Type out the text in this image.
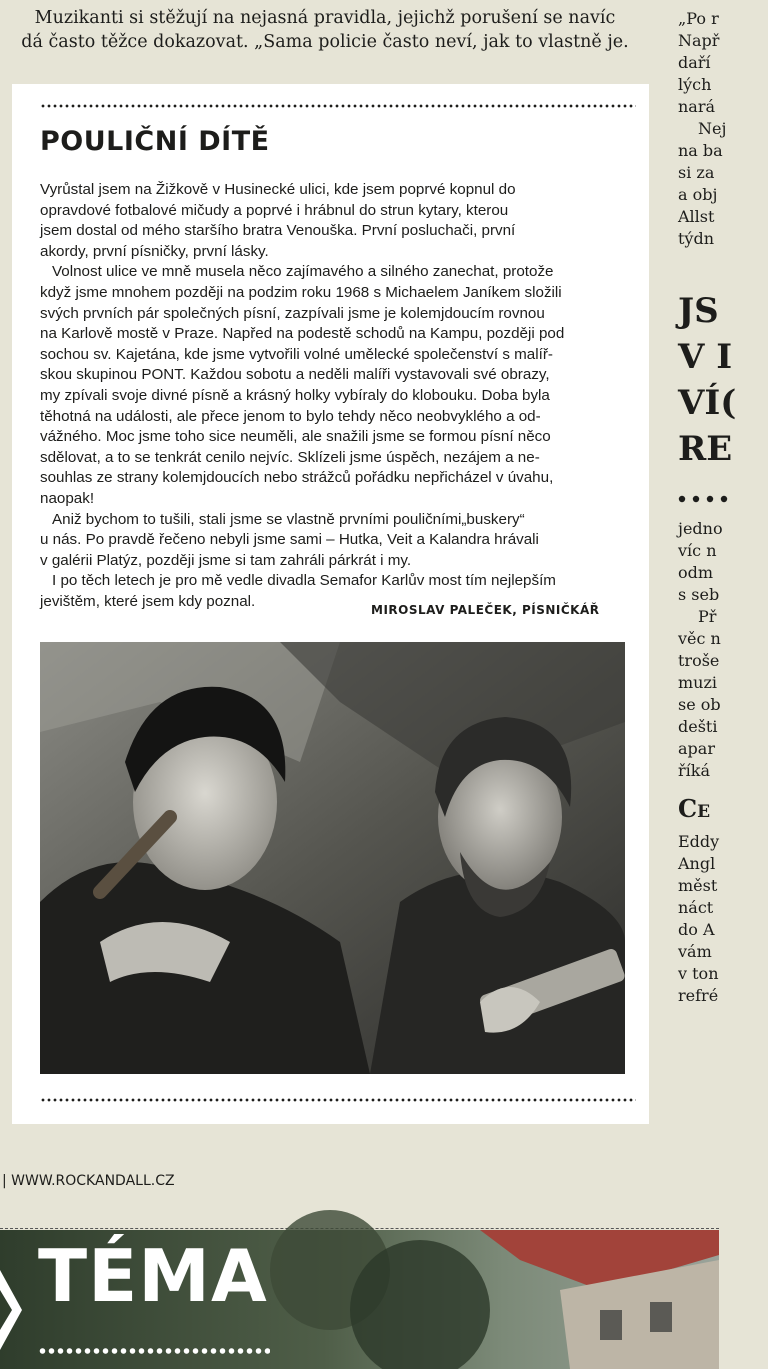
Muzikanti si stěžují na nejasná pravidla, jejichž porušení se navíc
dá často těžce dokazovat. „Sama policie často neví, jak to vlastně je.

„Po r

Např

daří

lých

nará

Nej

na ba

si za

a obj

Allst

týdn

JS
V I
VÍ(
RE

jedno

víc n

odm

s seb

Př

věc n

troše

muzi

se ob

dešti

apar

říká

Ce

Eddy

Angl

měst

náct

do A

vám

v ton

refré

POULIČNÍ DÍTĚ

Vyrůstal jsem na Žižkově v Husinecké ulici, kde jsem poprvé kopnul do
opravdové fotbalové mičudy a poprvé i hrábnul do strun kytary, kterou
jsem dostal od mého staršího bratra Venouška. První posluchači, první
akordy, první písničky, první lásky.

Volnost ulice ve mně musela něco zajímavého a silného zanechat, protože
když jsme mnohem později na podzim roku 1968 s Michaelem Janíkem složili
svých prvních pár společných písní, zazpívali jsme je kolemjdoucím rovnou
na Karlově mostě v Praze. Napřed na podestě schodů na Kampu, později pod
sochou sv. Kajetána, kde jsme vytvořili volné umělecké společenství s malíř-
skou skupinou PONT. Každou sobotu a neděli malíři vystavovali své obrazy,
my zpívali svoje divné písně a krásný holky vybíraly do klobouku. Doba byla
těhotná na události, ale přece jenom to bylo tehdy něco neobvyklého a od-
vážného. Moc jsme toho sice neuměli, ale snažili jsme se formou písní něco
sdělovat, a to se tenkrát cenilo nejvíc. Sklízeli jsme úspěch, nezájem a ne-
souhlas ze strany kolemjdoucích nebo strážců pořádku nepřicházel v úvahu,
naopak!

Aniž bychom to tušili, stali jsme se vlastně prvními pouličními„buskery“
u nás. Po pravdě řečeno nebyli jsme sami – Hutka, Veit a Kalandra hrávali
v galérii Platýz, později jsme si tam zahráli párkrát i my.

I po těch letech je pro mě vedle divadla Semafor Karlův most tím nejlepším
jevištěm, které jsem kdy poznal.

MIROSLAV PALEČEK, PÍSNIČKÁŘ
| WWW.ROCKANDALL.CZ
TÉMA
